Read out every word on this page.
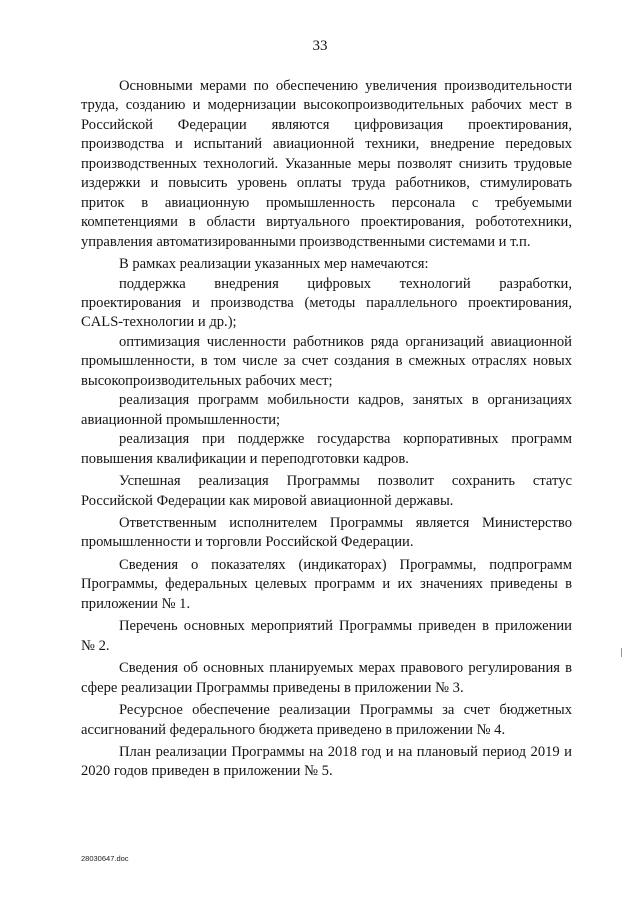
33

Основными мерами по обеспечению увеличения производительности труда, созданию и модернизации высокопроизводительных рабочих мест в Российской Федерации являются цифровизация проектирования, производства и испытаний авиационной техники, внедрение передовых производственных технологий. Указанные меры позволят снизить трудовые издержки и повысить уровень оплаты труда работников, стимулировать приток в авиационную промышленность персонала с требуемыми компетенциями в области виртуального проектирования, робототехники, управления автоматизированными производственными системами и т.п.

В рамках реализации указанных мер намечаются:

поддержка внедрения цифровых технологий разработки, проектирования и производства (методы параллельного проектирования, CALS-технологии и др.);

оптимизация численности работников ряда организаций авиационной промышленности, в том числе за счет создания в смежных отраслях новых высокопроизводительных рабочих мест;

реализация программ мобильности кадров, занятых в организациях авиационной промышленности;

реализация при поддержке государства корпоративных программ повышения квалификации и переподготовки кадров.

Успешная реализация Программы позволит сохранить статус Российской Федерации как мировой авиационной державы.

Ответственным исполнителем Программы является Министерство промышленности и торговли Российской Федерации.

Сведения о показателях (индикаторах) Программы, подпрограмм Программы, федеральных целевых программ и их значениях приведены в приложении № 1.

Перечень основных мероприятий Программы приведен в приложении № 2.

Сведения об основных планируемых мерах правового регулирования в сфере реализации Программы приведены в приложении № 3.

Ресурсное обеспечение реализации Программы за счет бюджетных ассигнований федерального бюджета приведено в приложении № 4.

План реализации Программы на 2018 год и на плановый период 2019 и 2020 годов приведен в приложении № 5.

28030647.doc
